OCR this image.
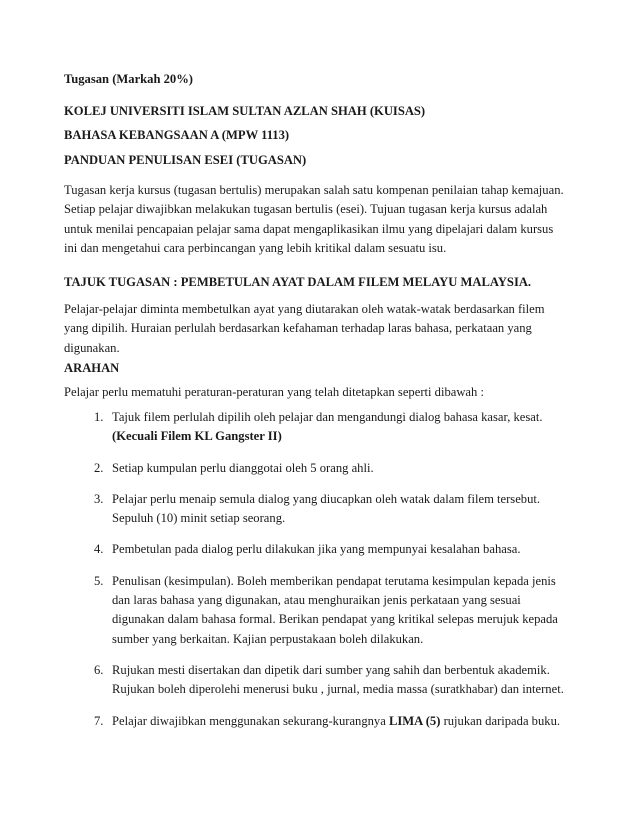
Tugasan (Markah 20%)

KOLEJ UNIVERSITI ISLAM SULTAN AZLAN SHAH (KUISAS)

BAHASA KEBANGSAAN A (MPW 1113)

PANDUAN PENULISAN ESEI (TUGASAN)

Tugasan kerja kursus (tugasan bertulis) merupakan salah satu kompenan penilaian tahap kemajuan. Setiap pelajar diwajibkan melakukan tugasan bertulis (esei). Tujuan tugasan kerja kursus adalah untuk menilai pencapaian pelajar sama dapat mengaplikasikan ilmu yang dipelajari dalam kursus ini dan mengetahui cara perbincangan yang lebih kritikal dalam sesuatu isu.

TAJUK TUGASAN : PEMBETULAN AYAT DALAM FILEM MELAYU MALAYSIA.

Pelajar-pelajar diminta membetulkan ayat yang diutarakan oleh watak-watak berdasarkan filem yang dipilih. Huraian perlulah berdasarkan kefahaman terhadap laras bahasa, perkataan yang digunakan.

ARAHAN

Pelajar perlu mematuhi peraturan-peraturan yang telah ditetapkan seperti dibawah :

1. Tajuk filem perlulah dipilih oleh pelajar dan mengandungi dialog bahasa kasar, kesat.
(Kecuali Filem KL Gangster II)
2. Setiap kumpulan perlu dianggotai oleh 5 orang ahli.
3. Pelajar perlu menaip semula dialog yang diucapkan oleh watak dalam filem tersebut. Sepuluh (10) minit setiap seorang.
4. Pembetulan pada dialog perlu dilakukan jika yang mempunyai kesalahan bahasa.
5. Penulisan (kesimpulan). Boleh memberikan pendapat terutama kesimpulan kepada jenis dan laras bahasa yang digunakan, atau menghuraikan jenis perkataan yang sesuai digunakan dalam bahasa formal. Berikan pendapat yang kritikal selepas merujuk kepada sumber yang berkaitan. Kajian perpustakaan boleh dilakukan.
6. Rujukan mesti disertakan dan dipetik dari sumber yang sahih dan berbentuk akademik. Rujukan boleh diperolehi menerusi buku , jurnal, media massa (suratkhabar) dan internet.
7. Pelajar diwajibkan menggunakan sekurang-kurangnya LIMA (5) rujukan daripada buku.
